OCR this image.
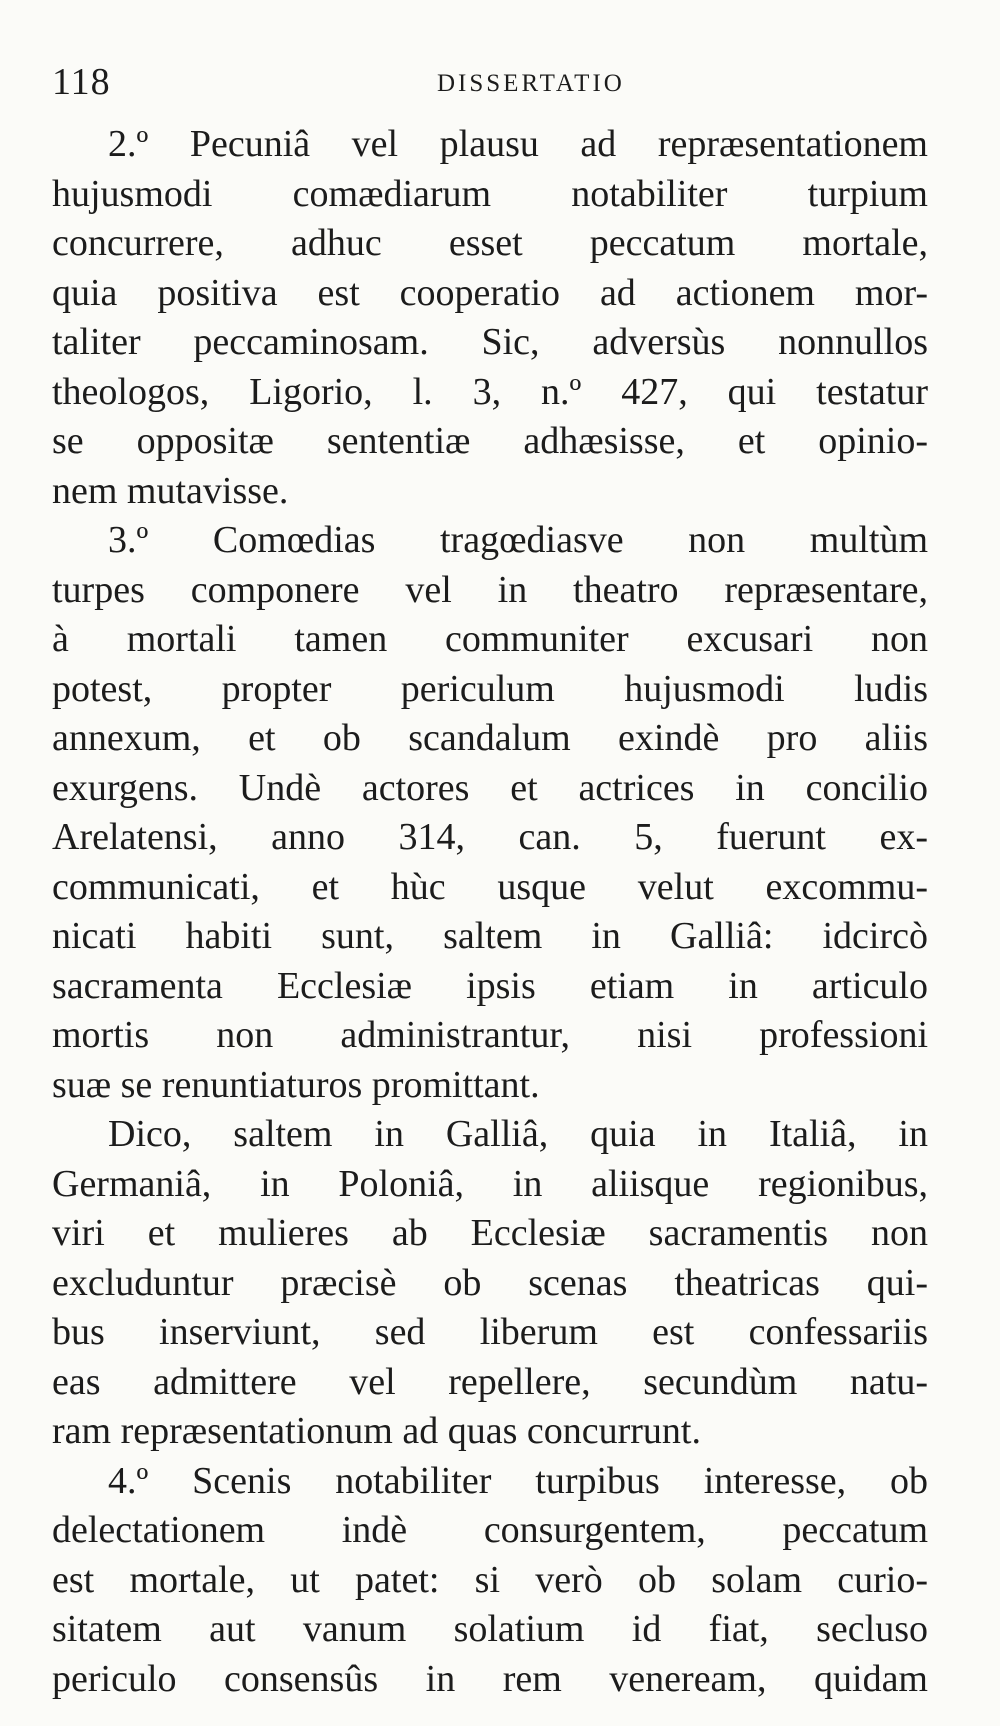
118	DISSERTATIO
2.º Pecuniâ vel plausu ad repræsentationem
hujusmodi comædiarum notabiliter turpium
concurrere, adhuc esset peccatum mortale,
quia positiva est cooperatio ad actionem mor-
taliter peccaminosam. Sic, adversùs nonnullos
theologos, Ligorio, l. 3, n.º 427, qui testatur
se oppositæ sententiæ adhæsisse, et opinio-
nem mutavisse.
3.º Comœdias tragœdiasve non multùm
turpes componere vel in theatro repræsentare,
à mortali tamen communiter excusari non
potest, propter periculum hujusmodi ludis
annexum, et ob scandalum exindè pro aliis
exurgens. Undè actores et actrices in concilio
Arelatensi, anno 314, can. 5, fuerunt ex-
communicati, et hùc usque velut excommu-
nicati habiti sunt, saltem in Galliâ: idcircò
sacramenta Ecclesiæ ipsis etiam in articulo
mortis non administrantur, nisi professioni
suæ se renuntiaturos promittant.
Dico, saltem in Galliâ, quia in Italiâ, in
Germaniâ, in Poloniâ, in aliisque regionibus,
viri et mulieres ab Ecclesiæ sacramentis non
excluduntur præcisè ob scenas theatricas qui-
bus inserviunt, sed liberum est confessariis
eas admittere vel repellere, secundùm natu-
ram repræsentationum ad quas concurrunt.
4.º Scenis notabiliter turpibus interesse, ob
delectationem indè consurgentem, peccatum
est mortale, ut patet: si verò ob solam curio-
sitatem aut vanum solatium id fiat, secluso
periculo consensûs in rem veneream, quidam
